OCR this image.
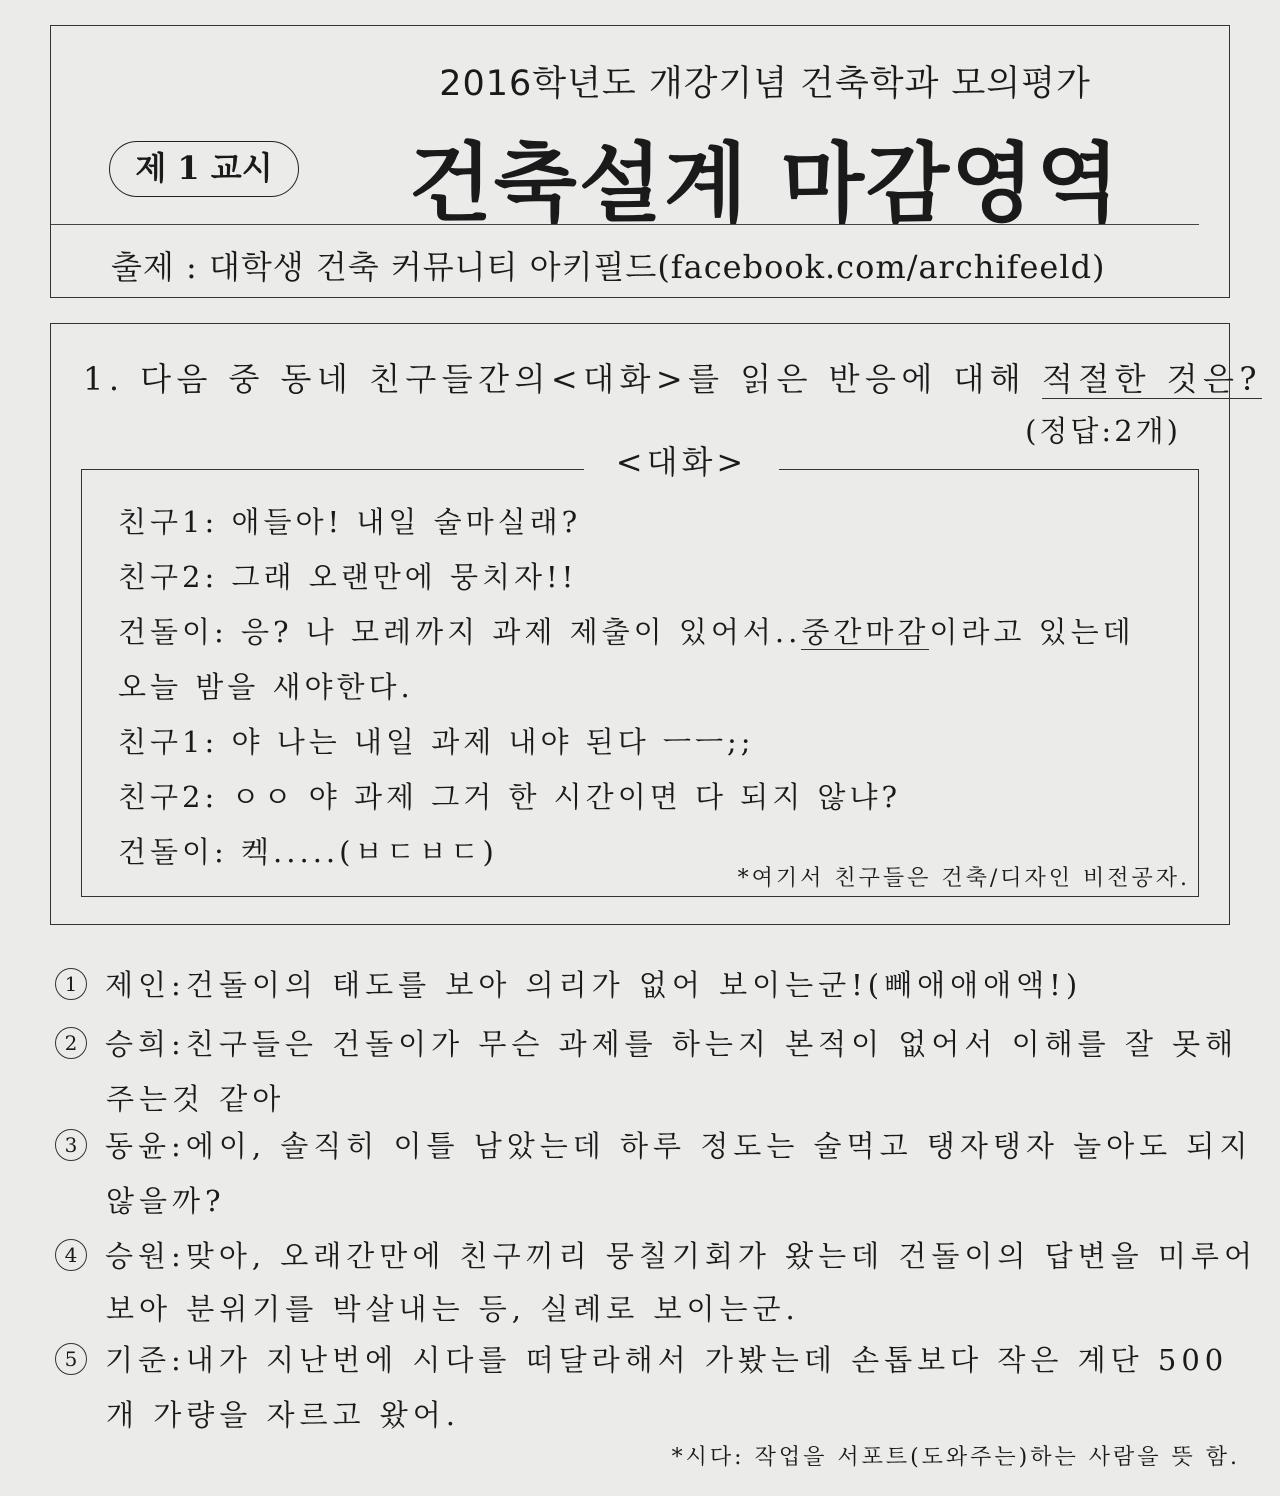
2016학년도 개강기념 건축학과 모의평가
건축설계 마감영역
제 1 교시
출제 : 대학생 건축 커뮤니티 아키필드(facebook.com/archifeeld)
1. 다음 중 동네 친구들간의<대화>를 읽은 반응에 대해 적절한 것은?
(정답:2개)
<대화>
친구1: 애들아! 내일 술마실래?
친구2: 그래 오랜만에 뭉치자!!
건돌이: 응? 나 모레까지 과제 제출이 있어서..중간마감이라고 있는데
오늘 밤을 새야한다.
친구1: 야 나는 내일 과제 내야 된다 ㅡㅡ;;
친구2: ㅇㅇ 야 과제 그거 한 시간이면 다 되지 않냐?
건돌이: 켁.....(ㅂㄷㅂㄷ)
*여기서 친구들은 건축/디자인 비전공자.
1 제인:건돌이의 태도를 보아 의리가 없어 보이는군!(빼애애애액!)
2 승희:친구들은 건돌이가 무슨 과제를 하는지 본적이 없어서 이해를 잘 못해
주는것 같아
3 동윤:에이, 솔직히 이틀 남았는데 하루 정도는 술먹고 탱자탱자 놀아도 되지
않을까?
4 승원:맞아, 오래간만에 친구끼리 뭉칠기회가 왔는데 건돌이의 답변을 미루어
보아 분위기를 박살내는 등, 실례로 보이는군.
5 기준:내가 지난번에 시다를 떠달라해서 가봤는데 손톱보다 작은 계단 500
개 가량을 자르고 왔어.
*시다: 작업을 서포트(도와주는)하는 사람을 뜻 함.
